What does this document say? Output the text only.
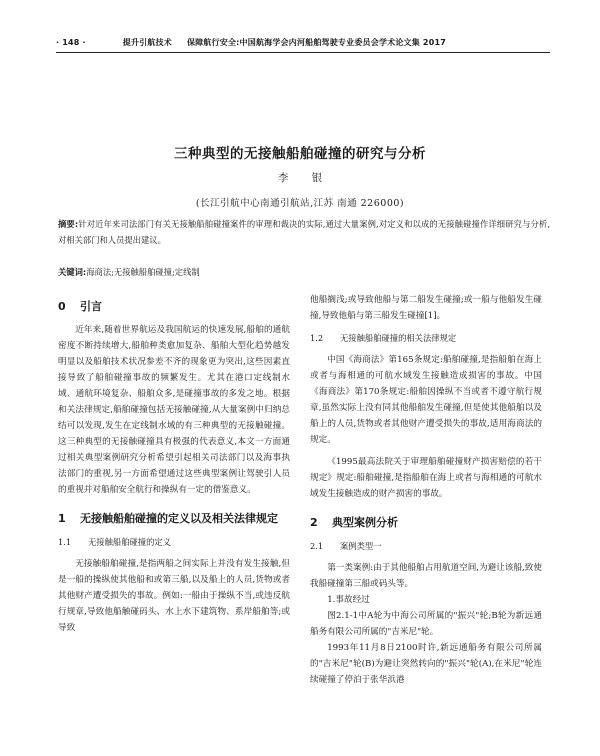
· 148 ·	提升引航技术 保障航行安全:中国航海学会内河船舶驾驶专业委员会学术论文集 2017
三种典型的无接触船舶碰撞的研究与分析
李 银
(长江引航中心南通引航站,江苏 南通 226000)
摘要:针对近年来司法部门有关无接触船舶碰撞案件的审理和裁决的实际,通过大量案例,对定义和以成的无接触碰撞作详细研究与分析,对相关部门和人员提出建议。
关键词:海商法;无接触船舶碰撞;定线制
0	引言

近年来,随着世界航运及我国航运的快速发展,船舶的通航密度不断持续增大,船舶种类愈加复杂、船舶大型化趋势越发明显以及船舶技术状况参差不齐的现象更为突出,这些因素直接导致了船舶碰撞事故的频繁发生。尤其在港口定线制水域、通航环境复杂、船舶众多,是碰撞事故的多发之地。根据和关法律规定,船舶碰撞包括无接触碰撞,从大量案例中归纳总结可以发现,发生在定线制水域的有三种典型的无接触碰撞。这三种典型的无接触碰撞具有极强的代表意义,本文一方面通过相关典型案例研究分析希望引起相关司法部门以及海事执法部门的重视,另一方面希望通过这些典型案例让驾驶引人员的重视并对船舶安全航行和操纵有一定的借鉴意义。

1	无接触船舶碰撞的定义以及相关法律规定
1.1	无接触船舶碰撞的定义

无接触船舶碰撞,是指两船之间实际上并没有发生接触,但是一船的操纵使其他船和或第三船,以及船上的人员,货物或者其他财产遭受损失的事故。例如:一船由于操纵不当,或违反航行规章,导致他船触碰码头、水上水下建筑物、系岸船舶等;或导致

他船搁浅;或导致他船与第二船发生碰撞;或一船与他船发生碰撞,导致他船与第三船发生碰撞[1]。

1.2	无接触船舶碰撞的相关法律规定

中国《海商法》第165条规定:船舶碰撞,是指船舶在海上或者与海相通的可航水域发生接触造成损害的事故。中国《海商法》第170条规定:船舶因操纵不当或者不遵守航行规章,虽然实际上没有同其他船舶发生碰撞,但是使其他船舶以及船上的人员,货物或者其他财产遭受损失的事故,适用海商法的规定。

《1995最高法院关于审理船舶碰撞财产损害赔偿的若干规定》规定:船舶碰撞,是指船舶在海上或者与海相通的可航水域发生接触造成的财产损害的事故。

2	典型案例分析
2.1	案例类型一

第一类案例:由于其他船舶占用航道空间,为避让该船,致使我船碰撞第三船或码头等。

1.事故经过

图2.1-1中A轮为中海公司所属的"振兴"轮;B轮为新远通船务有限公司所属的"吉米尼"轮。

1993年11月8日2100时许,新远通船务有限公司所属的"吉米尼"轮(B)为避让突然转向的"振兴"轮(A),在米尼"轮连续碰撞了停泊于张华浜港
